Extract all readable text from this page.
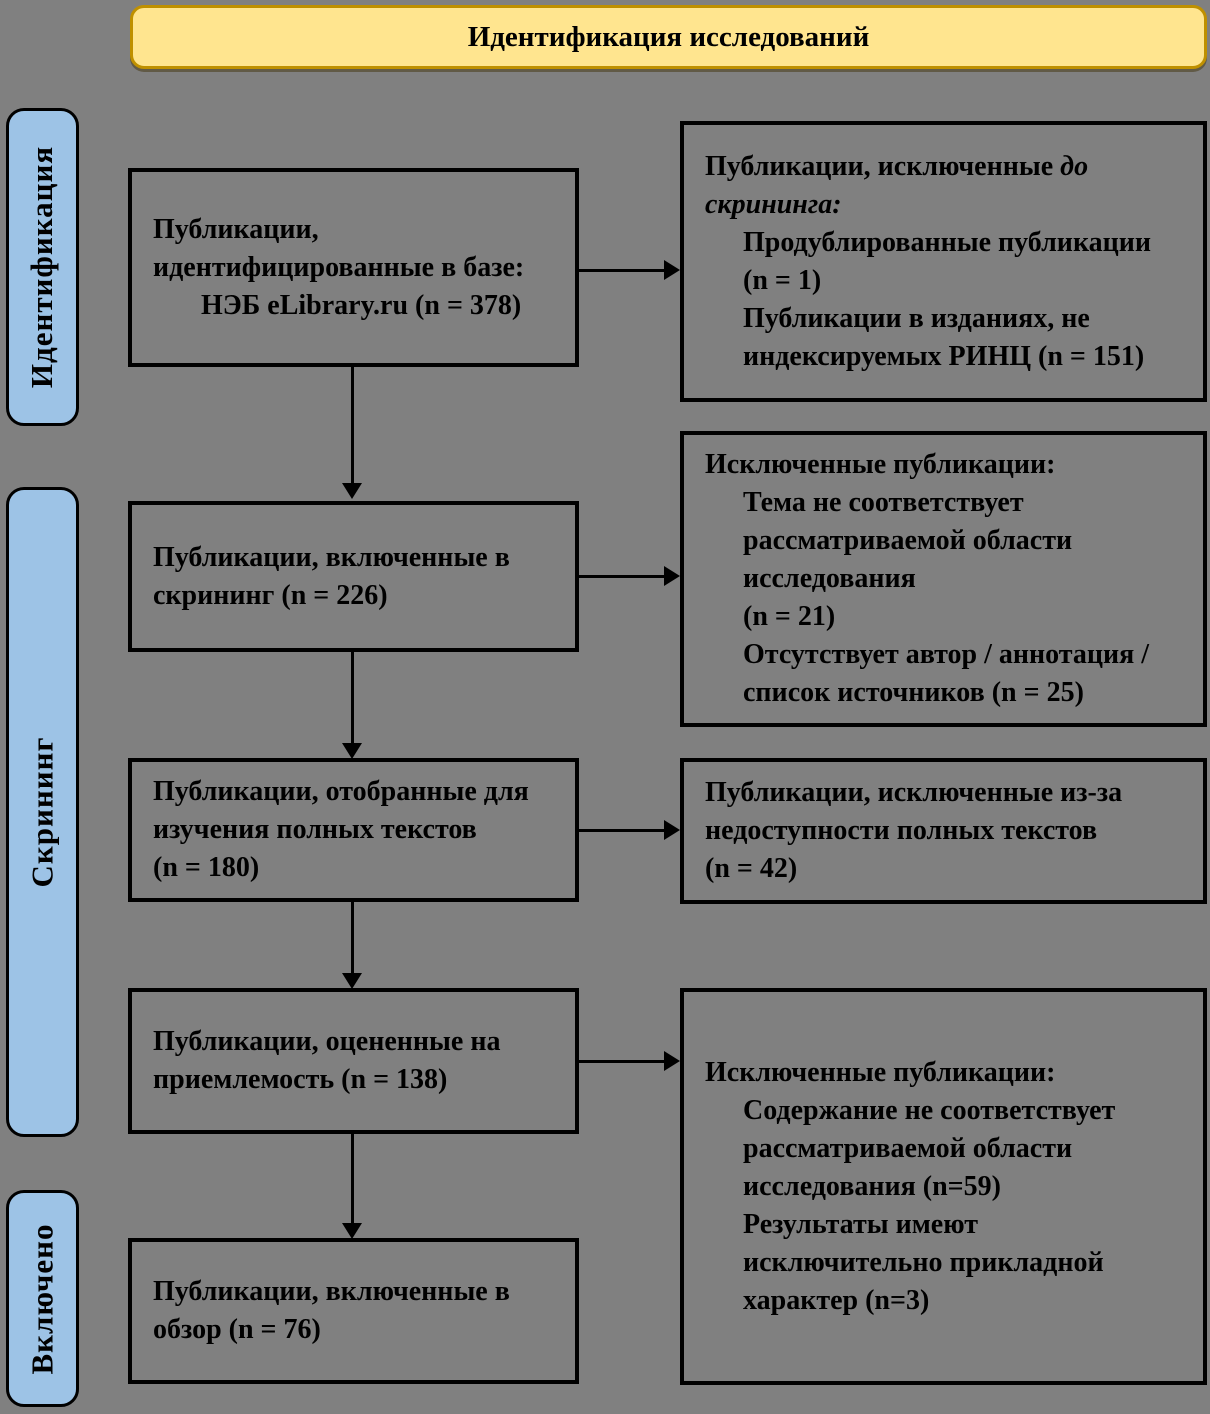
Идентификация исследований
Идентификация
Скрининг
Включено
Публикации,
идентифицированные в базе:
НЭБ eLibrary.ru (n = 378)
Публикации, включенные в
скрининг (n = 226)
Публикации, отобранные для
изучения полных текстов
(n = 180)
Публикации, оцененные на
приемлемость (n = 138)
Публикации, включенные в
обзор (n = 76)
Публикации, исключенные до
скрининга:
Продублированные публикации
(n = 1)
Публикации в изданиях, не
индексируемых РИНЦ (n = 151)
Исключенные публикации:
Тема не соответствует
рассматриваемой области
исследования
(n = 21)
Отсутствует автор / аннотация /
список источников (n = 25)
Публикации, исключенные из-за
недоступности полных текстов
(n = 42)
Исключенные публикации:
Содержание не соответствует
рассматриваемой области
исследования (n=59)
Результаты имеют
исключительно прикладной
характер (n=3)
